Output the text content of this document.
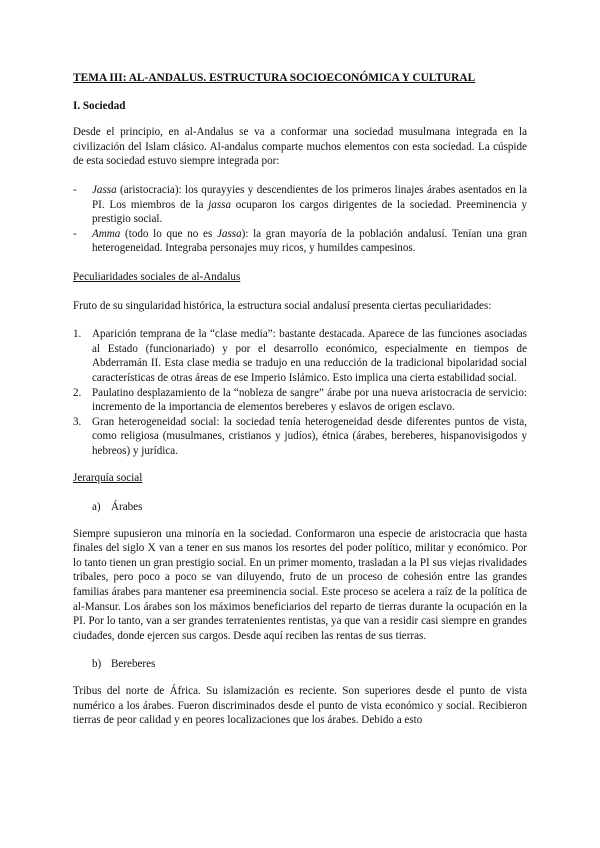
TEMA III: AL-ANDALUS. ESTRUCTURA SOCIOECONÓMICA Y CULTURAL
I. Sociedad

Desde el principio, en al-Andalus se va a conformar una sociedad musulmana integrada en la civilización del Islam clásico. Al-andalus comparte muchos elementos con esta sociedad. La cúspide de esta sociedad estuvo siempre integrada por:

- Jassa (aristocracia): los qurayyies y descendientes de los primeros linajes árabes asentados en la PI. Los miembros de la jassa ocuparon los cargos dirigentes de la sociedad. Preeminencia y prestigio social.
- Amma (todo lo que no es Jassa): la gran mayoría de la población andalusí. Tenían una gran heterogeneidad. Integraba personajes muy ricos, y humildes campesinos.
Peculiaridades sociales de al-Andalus

Fruto de su singularidad histórica, la estructura social andalusí presenta ciertas peculiaridades:

1. Aparición temprana de la “clase media”: bastante destacada. Aparece de las funciones asociadas al Estado (funcionariado) y por el desarrollo económico, especialmente en tiempos de Abderramán II. Esta clase media se tradujo en una reducción de la tradicional bipolaridad social características de otras áreas de ese Imperio Islámico. Esto implica una cierta estabilidad social.
2. Paulatino desplazamiento de la “nobleza de sangre” árabe por una nueva aristocracia de servicio: incremento de la importancia de elementos bereberes y eslavos de origen esclavo.
3. Gran heterogeneidad social: la sociedad tenía heterogeneidad desde diferentes puntos de vista, como religiosa (musulmanes, cristianos y judíos), étnica (árabes, bereberes, hispanovisigodos y hebreos) y jurídica.
Jerarquía social
a) Árabes

Siempre supusieron una minoría en la sociedad. Conformaron una especie de aristocracia que hasta finales del siglo X van a tener en sus manos los resortes del poder político, militar y económico. Por lo tanto tienen un gran prestigio social. En un primer momento, trasladan a la PI sus viejas rivalidades tribales, pero poco a poco se van diluyendo, fruto de un proceso de cohesión entre las grandes familias árabes para mantener esa preeminencia social. Este proceso se acelera a raíz de la política de al-Mansur. Los árabes son los máximos beneficiarios del reparto de tierras durante la ocupación en la PI. Por lo tanto, van a ser grandes terratenientes rentistas, ya que van a residir casi siempre en grandes ciudades, donde ejercen sus cargos. Desde aquí reciben las rentas de sus tierras.

b) Bereberes

Tribus del norte de África. Su islamización es reciente. Son superiores desde el punto de vista numérico a los árabes. Fueron discriminados desde el punto de vista económico y social. Recibieron tierras de peor calidad y en peores localizaciones que los árabes. Debido a esto
